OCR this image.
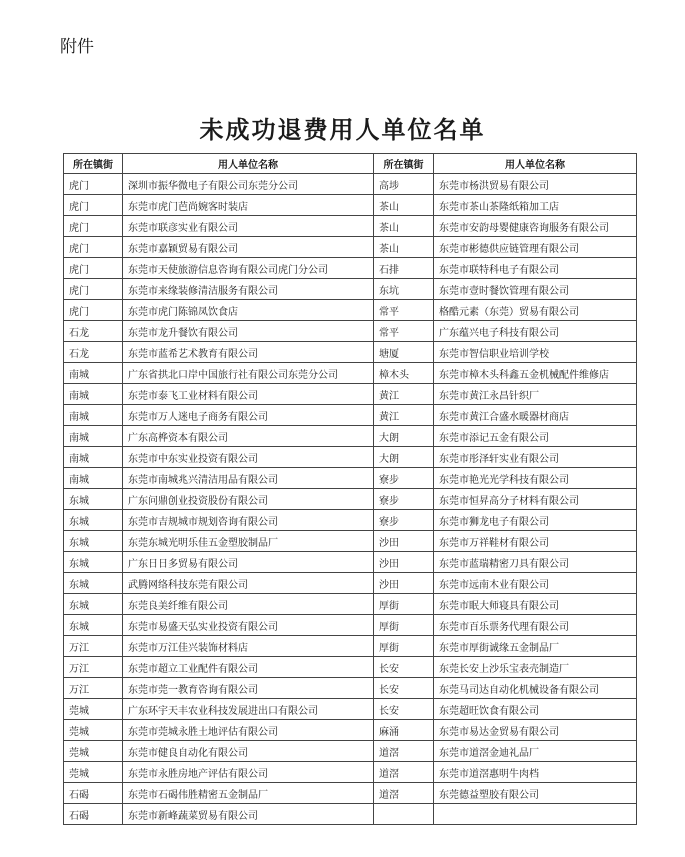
附件
未成功退费用人单位名单
所在镇街	用人单位名称	所在镇街	用人单位名称
虎门	深圳市振华微电子有限公司东莞分公司	高埗	东莞市杨洪贸易有限公司
虎门	东莞市虎门芭尚婉客时装店	茶山	东莞市茶山茶隆纸箱加工店
虎门	东莞市联彦实业有限公司	茶山	东莞市安韵母婴健康咨询服务有限公司
虎门	东莞市嘉颖贸易有限公司	茶山	东莞市彬德供应链管理有限公司
虎门	东莞市天使旅游信息咨询有限公司虎门分公司	石排	东莞市联特科电子有限公司
虎门	东莞市来缘装修清洁服务有限公司	东坑	东莞市壹时餐饮管理有限公司
虎门	东莞市虎门陈锦凤饮食店	常平	格酷元素（东莞）贸易有限公司
石龙	东莞市龙升餐饮有限公司	常平	广东蕴兴电子科技有限公司
石龙	东莞市蓝希艺术教育有限公司	塘厦	东莞市智信职业培训学校
南城	广东省拱北口岸中国旅行社有限公司东莞分公司	樟木头	东莞市樟木头科鑫五金机械配件维修店
南城	东莞市泰飞工业材料有限公司	黄江	东莞市黄江永昌针织厂
南城	东莞市万人迷电子商务有限公司	黄江	东莞市黄江合盛水暖器材商店
南城	广东高桦资本有限公司	大朗	东莞市添记五金有限公司
南城	东莞市中东实业投资有限公司	大朗	东莞市彤泽轩实业有限公司
南城	东莞市南城兆兴清洁用品有限公司	寮步	东莞市艳光光学科技有限公司
东城	广东问鼎创业投资股份有限公司	寮步	东莞市恒昇高分子材料有限公司
东城	东莞市吉规城市规划咨询有限公司	寮步	东莞市狮龙电子有限公司
东城	东莞东城光明乐佳五金塑胶制品厂	沙田	东莞市万祥鞋材有限公司
东城	广东日日多贸易有限公司	沙田	东莞市蓝瑞精密刀具有限公司
东城	武腾网络科技东莞有限公司	沙田	东莞市远南木业有限公司
东城	东莞良美纤维有限公司	厚街	东莞市眠大师寝具有限公司
东城	东莞市易盛天弘实业投资有限公司	厚街	东莞市百乐票务代理有限公司
万江	东莞市万江佳兴装饰材料店	厚街	东莞市厚街诚缘五金制品厂
万江	东莞市超立工业配件有限公司	长安	东莞长安上沙乐宝表壳制造厂
万江	东莞市莞一教育咨询有限公司	长安	东莞马司达自动化机械设备有限公司
莞城	广东环宇天丰农业科技发展进出口有限公司	长安	东莞超旺饮食有限公司
莞城	东莞市莞城永胜土地评估有限公司	麻涌	东莞市易达金贸易有限公司
莞城	东莞市健良自动化有限公司	道滘	东莞市道滘金迪礼品厂
莞城	东莞市永胜房地产评估有限公司	道滘	东莞市道滘惠明牛肉档
石碣	东莞市石碣伟胜精密五金制品厂	道滘	东莞德益塑胶有限公司
石碣	东莞市新峰蔬菜贸易有限公司		
